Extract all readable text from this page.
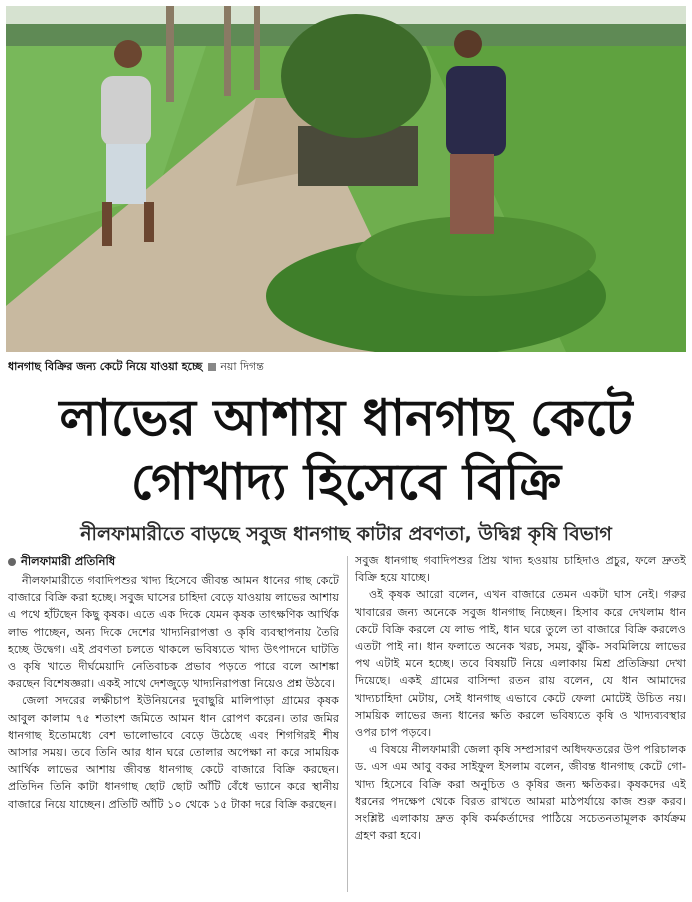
ধানগাছ বিক্রির জন্য কেটে নিয়ে যাওয়া হচ্ছে নয়া দিগন্ত
লাভের আশায় ধানগাছ কেটে
গোখাদ্য হিসেবে বিক্রি
নীলফামারীতে বাড়ছে সবুজ ধানগাছ কাটার প্রবণতা, উদ্বিগ্ন কৃষি বিভাগ
নীলফামারী প্রতিনিধি

নীলফামারীতে গবাদিপশুর খাদ্য হিসেবে জীবন্ত আমন ধানের গাছ কেটে বাজারে বিক্রি করা হচ্ছে। সবুজ ঘাসের চাহিদা বেড়ে যাওয়ায় লাভের আশায় এ পথে হাঁটছেন কিছু কৃষক। এতে এক দিকে যেমন কৃষক তাৎক্ষণিক আর্থিক লাভ পাচ্ছেন, অন্য দিকে দেশের খাদ্যনিরাপত্তা ও কৃষি ব্যবস্থাপনায় তৈরি হচ্ছে উদ্বেগ। এই প্রবণতা চলতে থাকলে ভবিষ্যতে খাদ্য উৎপাদনে ঘাটতি ও কৃষি খাতে দীর্ঘমেয়াদি নেতিবাচক প্রভাব পড়তে পারে বলে আশঙ্কা করছেন বিশেষজ্ঞরা। একই সাথে দেশজুড়ে খাদ্যনিরাপত্তা নিয়েও প্রশ্ন উঠবে।

জেলা সদরের লক্ষীচাপ ইউনিয়নের দুবাছুরি মালিপাড়া গ্রামের কৃষক আবুল কালাম ৭৫ শতাংশ জমিতে আমন ধান রোপণ করেন। তার জমির ধানগাছ ইতোমধ্যে বেশ ভালোভাবে বেড়ে উঠেছে এবং শিগগিরই শীষ আসার সময়। তবে তিনি আর ধান ঘরে তোলার অপেক্ষা না করে সাময়িক আর্থিক লাভের আশায় জীবন্ত ধানগাছ কেটে বাজারে বিক্রি করছেন। প্রতিদিন তিনি কাটা ধানগাছ ছোট ছোট আঁটি বেঁধে ভ্যানে করে স্থানীয় বাজারে নিয়ে যাচ্ছেন। প্রতিটি আঁটি ১০ থেকে ১৫ টাকা দরে বিক্রি করছেন।

সবুজ ধানগাছ গবাদিপশুর প্রিয় খাদ্য হওয়ায় চাহিদাও প্রচুর, ফলে দ্রুতই বিক্রি হয়ে যাচ্ছে।

ওই কৃষক আরো বলেন, এখন বাজারে তেমন একটা ঘাস নেই। গরুর খাবারের জন্য অনেকে সবুজ ধানগাছ নিচ্ছেন। হিসাব করে দেখলাম ধান কেটে বিক্রি করলে যে লাভ পাই, ধান ঘরে তুলে তা বাজারে বিক্রি করলেও এতটা পাই না। ধান ফলাতে অনেক খরচ, সময়, ঝুঁকি- সবমিলিয়ে লাভের পথ এটাই মনে হচ্ছে। তবে বিষয়টি নিয়ে এলাকায় মিশ্র প্রতিক্রিয়া দেখা দিয়েছে। একই গ্রামের বাসিন্দা রতন রায় বলেন, যে ধান আমাদের খাদ্যচাহিদা মেটায়, সেই ধানগাছ এভাবে কেটে ফেলা মোটেই উচিত নয়। সাময়িক লাভের জন্য ধানের ক্ষতি করলে ভবিষ্যতে কৃষি ও খাদ্যব্যবস্থার ওপর চাপ পড়বে।

এ বিষয়ে নীলফামারী জেলা কৃষি সম্প্রসারণ অধিদফতরের উপ পরিচালক ড. এস এম আবু বকর সাইফুল ইসলাম বলেন, জীবন্ত ধানগাছ কেটে গো-খাদ্য হিসেবে বিক্রি করা অনুচিত ও কৃষির জন্য ক্ষতিকর। কৃষকদের এই ধরনের পদক্ষেপ থেকে বিরত রাখতে আমরা মাঠপর্যায়ে কাজ শুরু করব। সংশ্লিষ্ট এলাকায় দ্রুত কৃষি কর্মকর্তাদের পাঠিয়ে সচেতনতামূলক কার্যক্রম গ্রহণ করা হবে।
